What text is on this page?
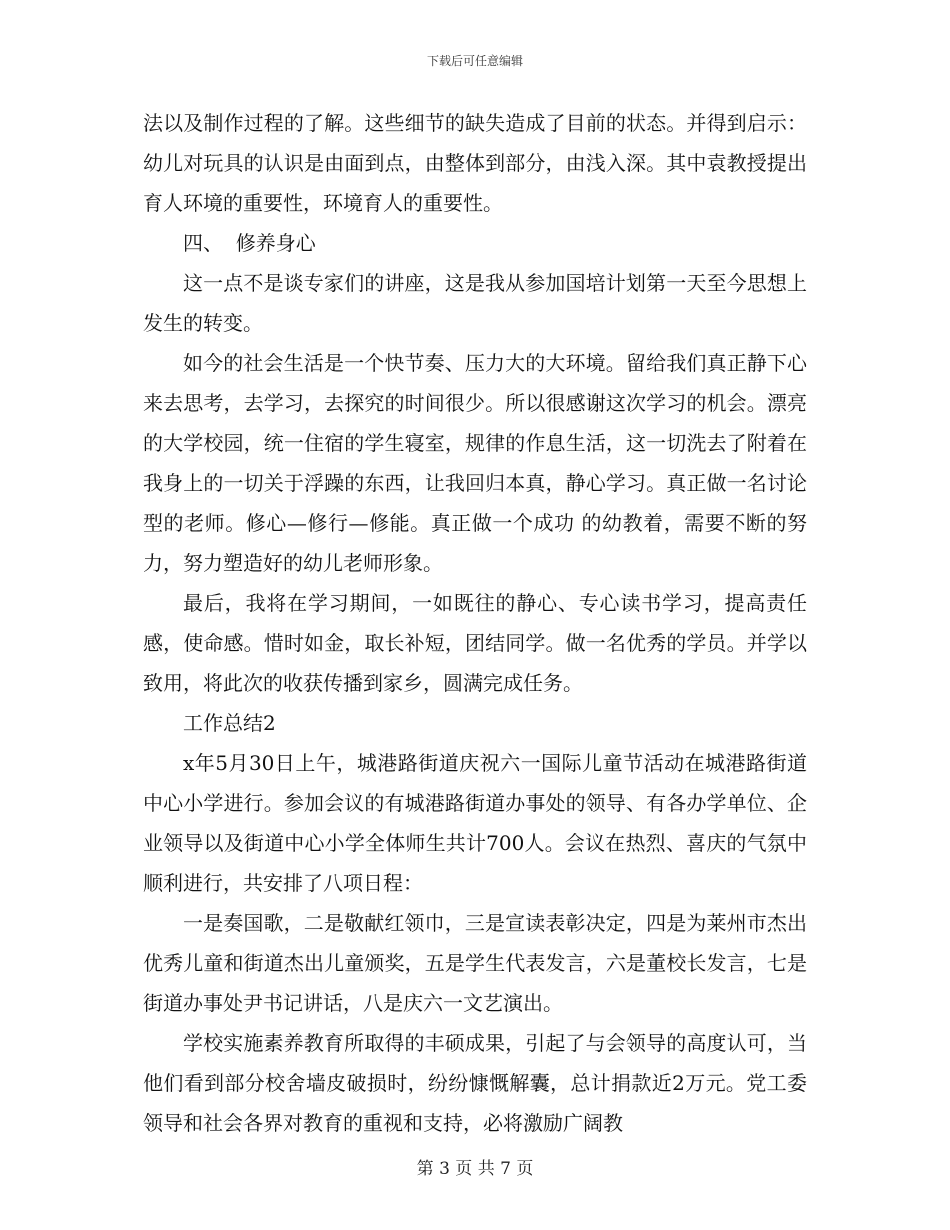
下载后可任意编辑

法以及制作过程的了解。这些细节的缺失造成了目前的状态。并得到启示：幼儿对玩具的认识是由面到点，由整体到部分，由浅入深。其中袁教授提出育人环境的重要性，环境育人的重要性。

四、  修养身心

这一点不是谈专家们的讲座，这是我从参加国培计划第一天至今思想上发生的转变。

如今的社会生活是一个快节奏、压力大的大环境。留给我们真正静下心来去思考，去学习，去探究的时间很少。所以很感谢这次学习的机会。漂亮的大学校园，统一住宿的学生寝室，规律的作息生活，这一切洗去了附着在我身上的一切关于浮躁的东西，让我回归本真，静心学习。真正做一名讨论型的老师。修心—修行—修能。真正做一个成功 的幼教着，需要不断的努力，努力塑造好的幼儿老师形象。

最后，我将在学习期间，一如既往的静心、专心读书学习，提高责任感，使命感。惜时如金，取长补短，团结同学。做一名优秀的学员。并学以致用，将此次的收获传播到家乡，圆满完成任务。

工作总结2

x年5月30日上午，城港路街道庆祝六一国际儿童节活动在城港路街道中心小学进行。参加会议的有城港路街道办事处的领导、有各办学单位、企业领导以及街道中心小学全体师生共计700人。会议在热烈、喜庆的气氛中顺利进行，共安排了八项日程：

一是奏国歌，二是敬献红领巾，三是宣读表彰决定，四是为莱州市杰出优秀儿童和街道杰出儿童颁奖，五是学生代表发言，六是董校长发言，七是街道办事处尹书记讲话，八是庆六一文艺演出。

学校实施素养教育所取得的丰硕成果，引起了与会领导的高度认可，当他们看到部分校舍墙皮破损时，纷纷慷慨解囊，总计捐款近2万元。党工委领导和社会各界对教育的重视和支持，必将激励广阔教

第 3 页 共 7 页
